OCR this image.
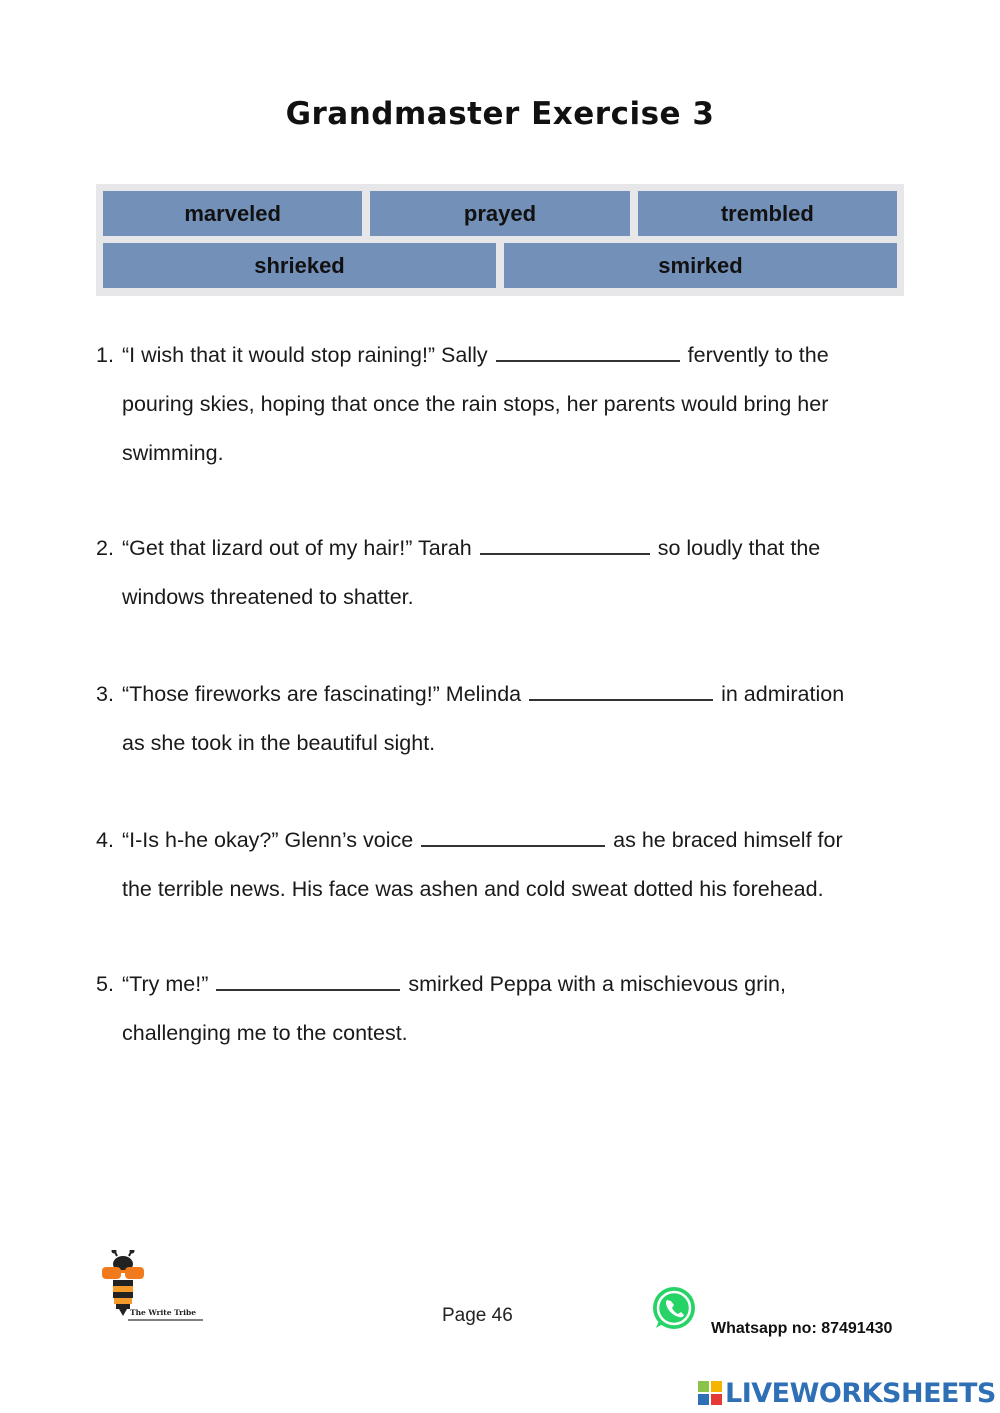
Grandmaster Exercise 3
marveled	prayed	trembled
shrieked	smirked
1. “I wish that it would stop raining!” Sally	fervently to the
pouring skies, hoping that once the rain stops, her parents would bring her
swimming.
2. “Get that lizard out of my hair!” Tarah	so loudly that the
windows threatened to shatter.
3. “Those fireworks are fascinating!” Melinda	in admiration
as she took in the beautiful sight.
4. “I-Is h-he okay?” Glenn’s voice	as he braced himself for
the terrible news. His face was ashen and cold sweat dotted his forehead.
5. “Try me!”	smirked Peppa with a mischievous grin,
challenging me to the contest.
The Write Tribe	Page 46
Whatsapp no: 87491430
LIVEWORKSHEETS
